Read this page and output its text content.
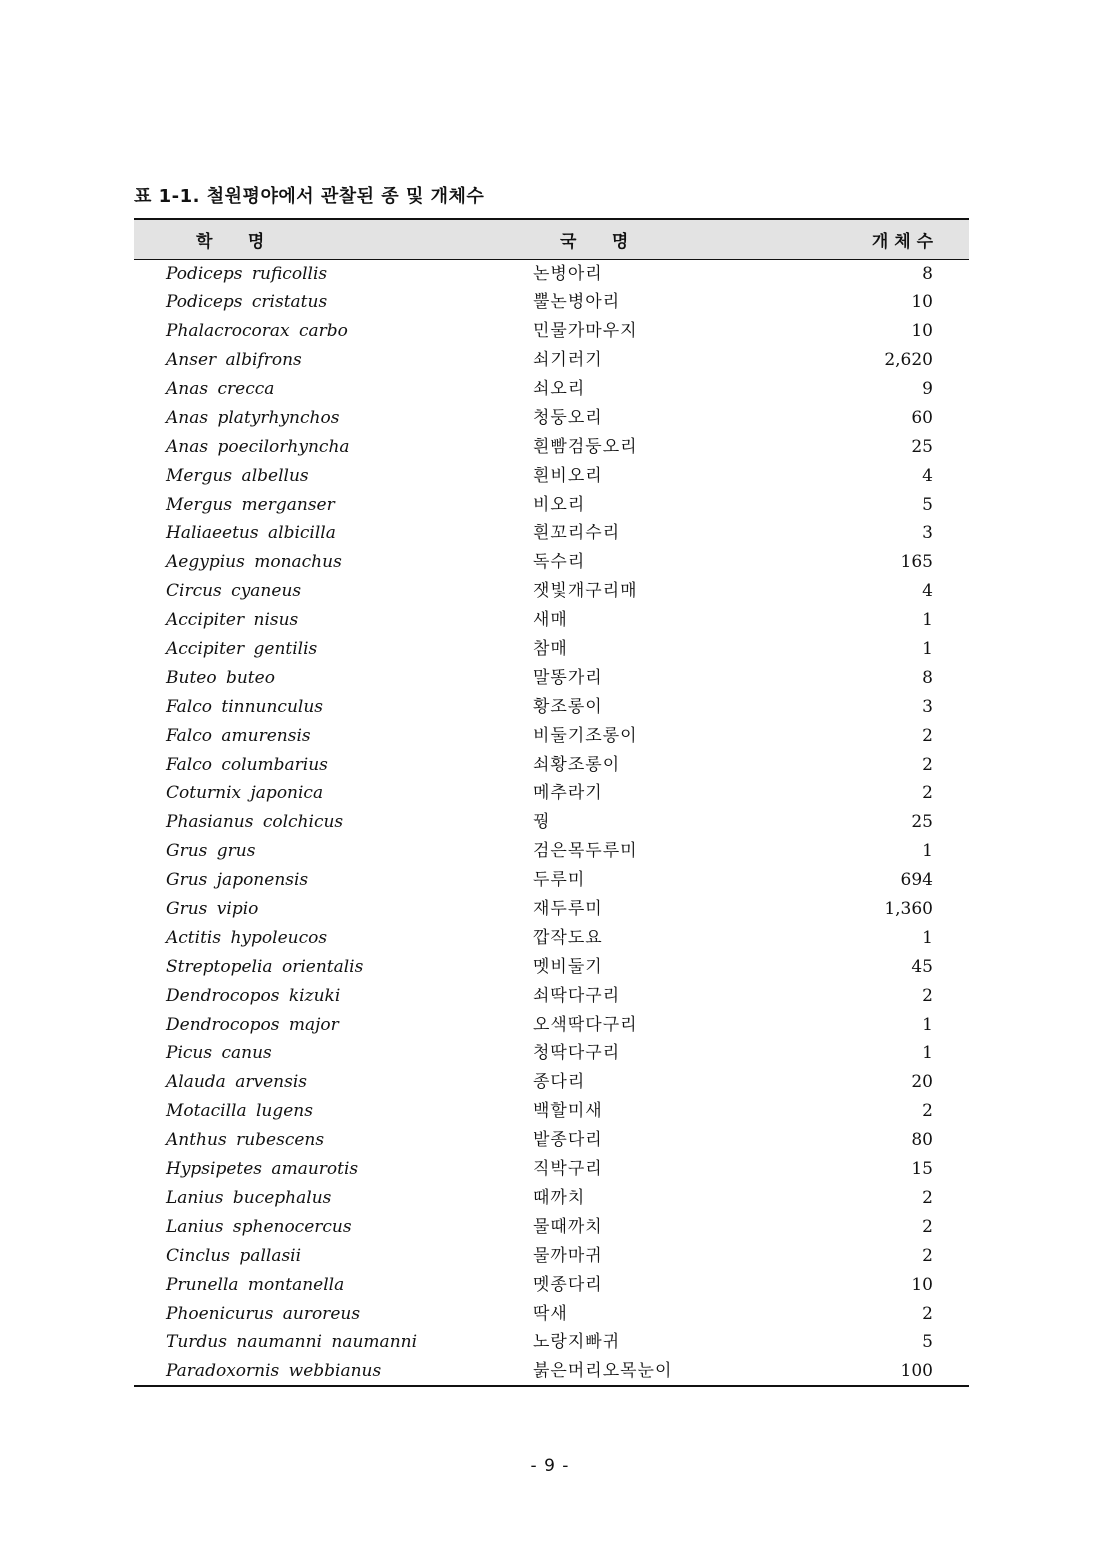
표 1-1. 철원평야에서 관찰된 종 및 개체수
학      명	국      명	개 체 수
Podiceps ruficollis	논병아리	8
Podiceps cristatus	뿔논병아리	10
Phalacrocorax carbo	민물가마우지	10
Anser albifrons	쇠기러기	2,620
Anas crecca	쇠오리	9
Anas platyrhynchos	청둥오리	60
Anas poecilorhyncha	흰빰검둥오리	25
Mergus albellus	흰비오리	4
Mergus merganser	비오리	5
Haliaeetus albicilla	흰꼬리수리	3
Aegypius monachus	독수리	165
Circus cyaneus	잿빛개구리매	4
Accipiter nisus	새매	1
Accipiter gentilis	참매	1
Buteo buteo	말똥가리	8
Falco tinnunculus	황조롱이	3
Falco amurensis	비둘기조롱이	2
Falco columbarius	쇠황조롱이	2
Coturnix japonica	메추라기	2
Phasianus colchicus	꿩	25
Grus grus	검은목두루미	1
Grus japonensis	두루미	694
Grus vipio	재두루미	1,360
Actitis hypoleucos	깝작도요	1
Streptopelia orientalis	멧비둘기	45
Dendrocopos kizuki	쇠딱다구리	2
Dendrocopos major	오색딱다구리	1
Picus canus	청딱다구리	1
Alauda arvensis	종다리	20
Motacilla lugens	백할미새	2
Anthus rubescens	밭종다리	80
Hypsipetes amaurotis	직박구리	15
Lanius bucephalus	때까치	2
Lanius sphenocercus	물때까치	2
Cinclus pallasii	물까마귀	2
Prunella montanella	멧종다리	10
Phoenicurus auroreus	딱새	2
Turdus naumanni naumanni	노랑지빠귀	5
Paradoxornis webbianus	붉은머리오목눈이	100
- 9 -
